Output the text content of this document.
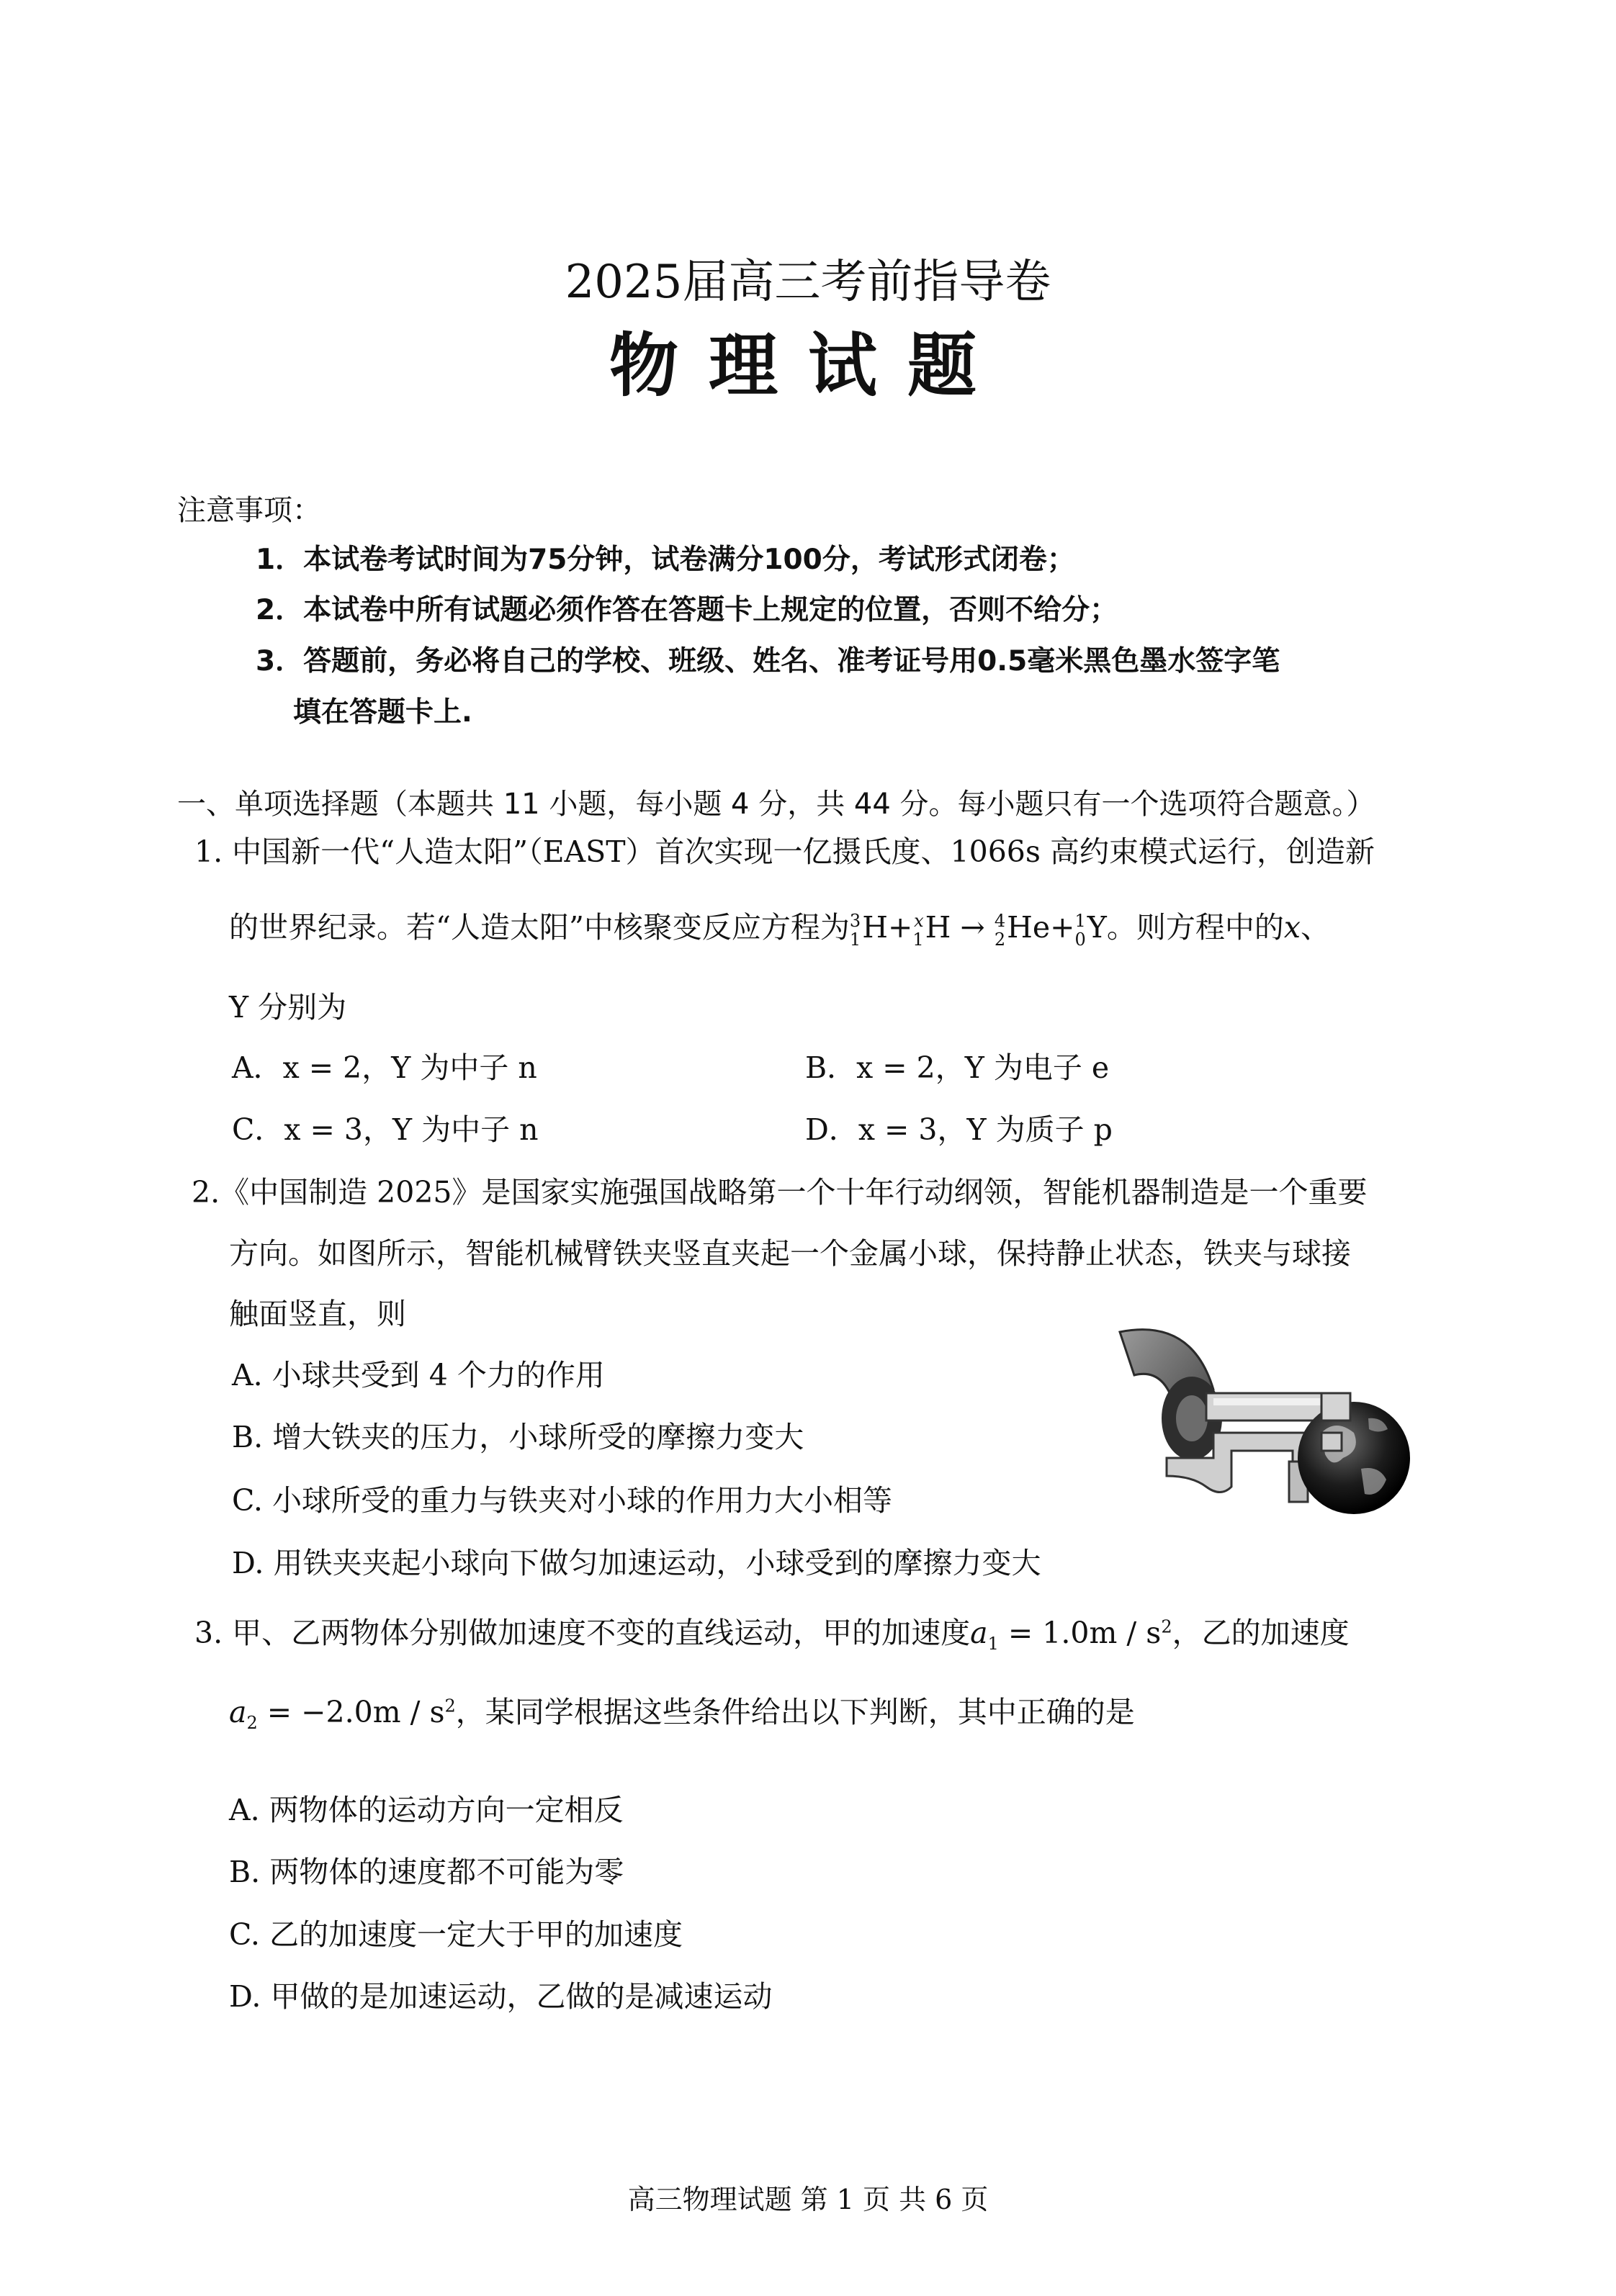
2025届高三考前指导卷
物理试题
注意事项：
1．本试卷考试时间为75分钟，试卷满分100分，考试形式闭卷；
2．本试卷中所有试题必须作答在答题卡上规定的位置，否则不给分；
3．答题前，务必将自己的学校、班级、姓名、准考证号用0.5毫米黑色墨水签字笔
填在答题卡上.
一、单项选择题（本题共 11 小题，每小题 4 分，共 44 分。每小题只有一个选项符合题意。）
1. 中国新一代“人造太阳”（EAST）首次实现一亿摄氏度、1066s 高约束模式运行，创造新
的世界纪录。若“人造太阳”中核聚变反应方程为 3
1 H+ x
1 H → 4
2 He+ 1
0 Y。则方程中的x、
Y 分别为
A．x = 2，Y 为中子 n	B．x = 2，Y 为电子 e
C．x = 3，Y 为中子 n	D．x = 3，Y 为质子 p
2.《中国制造 2025》是国家实施强国战略第一个十年行动纲领，智能机器制造是一个重要
方向。如图所示，智能机械臂铁夹竖直夹起一个金属小球，保持静止状态，铁夹与球接
触面竖直，则
A. 小球共受到 4 个力的作用
B. 增大铁夹的压力，小球所受的摩擦力变大
C. 小球所受的重力与铁夹对小球的作用力大小相等
D. 用铁夹夹起小球向下做匀加速运动，小球受到的摩擦力变大
3. 甲、乙两物体分别做加速度不变的直线运动，甲的加速度$a_1 = 1.0m / s^2$，乙的加速度
$a_2 = -2.0m / s^2$，某同学根据这些条件给出以下判断，其中正确的是
A. 两物体的运动方向一定相反
B. 两物体的速度都不可能为零
C. 乙的加速度一定大于甲的加速度
D. 甲做的是加速运动，乙做的是减速运动
高三物理试题 第 1 页 共 6 页
